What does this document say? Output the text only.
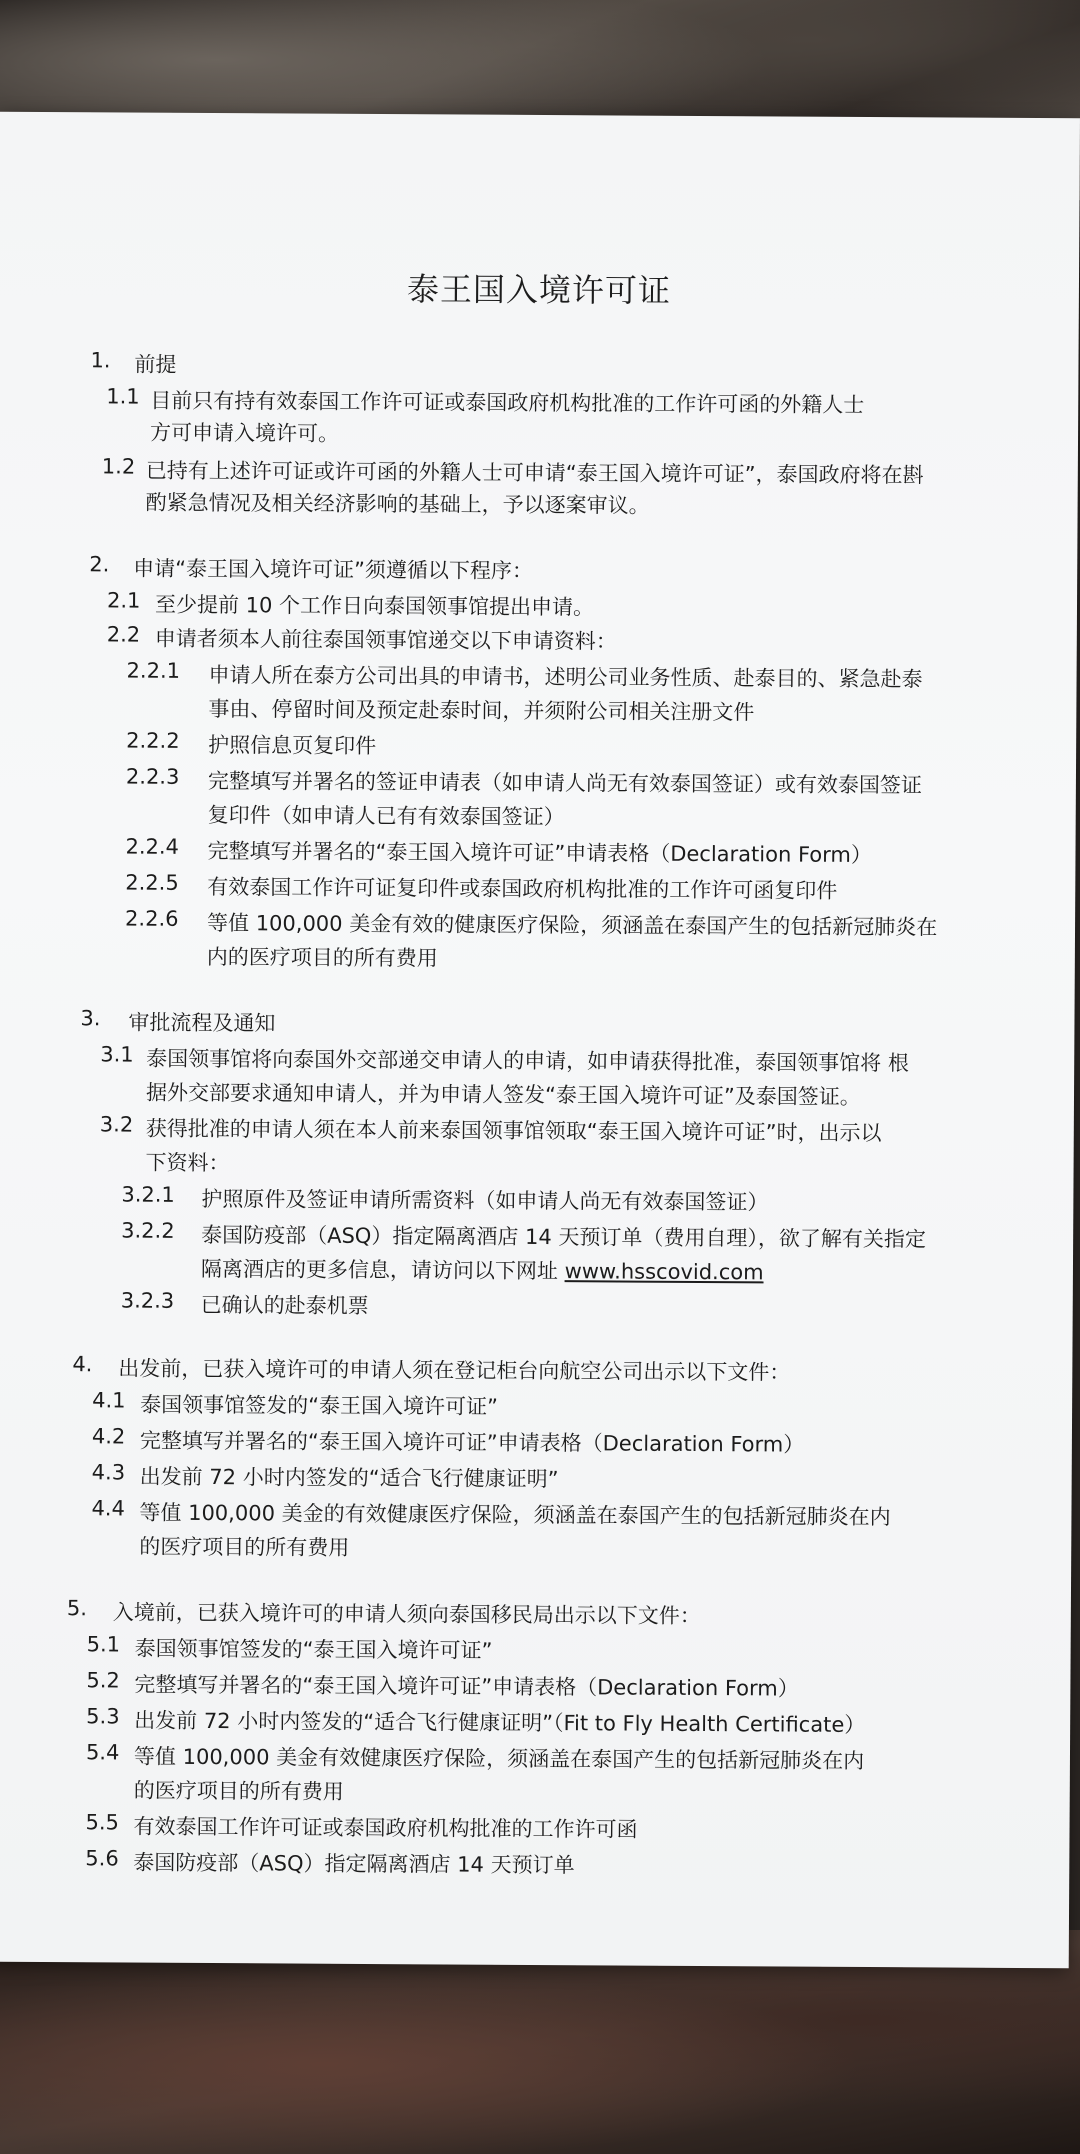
泰王国入境许可证
1. 前提
1.1 目前只有持有效泰国工作许可证或泰国政府机构批准的工作许可函的外籍人士
方可申请入境许可。
1.2 已持有上述许可证或许可函的外籍人士可申请“泰王国入境许可证”，泰国政府将在斟
酌紧急情况及相关经济影响的基础上，予以逐案审议。
2. 申请“泰王国入境许可证”须遵循以下程序：
2.1 至少提前 10 个工作日向泰国领事馆提出申请。
2.2 申请者须本人前往泰国领事馆递交以下申请资料：
2.2.1 申请人所在泰方公司出具的申请书，述明公司业务性质、赴泰目的、紧急赴泰
事由、停留时间及预定赴泰时间，并须附公司相关注册文件
2.2.2 护照信息页复印件
2.2.3 完整填写并署名的签证申请表（如申请人尚无有效泰国签证）或有效泰国签证
复印件（如申请人已有有效泰国签证）
2.2.4 完整填写并署名的“泰王国入境许可证”申请表格（Declaration Form）
2.2.5 有效泰国工作许可证复印件或泰国政府机构批准的工作许可函复印件
2.2.6 等值 100,000 美金有效的健康医疗保险，须涵盖在泰国产生的包括新冠肺炎在
内的医疗项目的所有费用
3. 审批流程及通知
3.1 泰国领事馆将向泰国外交部递交申请人的申请，如申请获得批准，泰国领事馆将 根
据外交部要求通知申请人，并为申请人签发“泰王国入境许可证”及泰国签证。
3.2 获得批准的申请人须在本人前来泰国领事馆领取“泰王国入境许可证”时，出示以
下资料：
3.2.1 护照原件及签证申请所需资料（如申请人尚无有效泰国签证）
3.2.2 泰国防疫部（ASQ）指定隔离酒店 14 天预订单（费用自理），欲了解有关指定
隔离酒店的更多信息，请访问以下网址 www.hsscovid.com
3.2.3 已确认的赴泰机票
4. 出发前，已获入境许可的申请人须在登记柜台向航空公司出示以下文件：
4.1 泰国领事馆签发的“泰王国入境许可证”
4.2 完整填写并署名的“泰王国入境许可证”申请表格（Declaration Form）
4.3 出发前 72 小时内签发的“适合飞行健康证明”
4.4 等值 100,000 美金的有效健康医疗保险，须涵盖在泰国产生的包括新冠肺炎在内
的医疗项目的所有费用
5. 入境前，已获入境许可的申请人须向泰国移民局出示以下文件：
5.1 泰国领事馆签发的“泰王国入境许可证”
5.2 完整填写并署名的“泰王国入境许可证”申请表格（Declaration Form）
5.3 出发前 72 小时内签发的“适合飞行健康证明”（Fit to Fly Health Certificate）
5.4 等值 100,000 美金有效健康医疗保险，须涵盖在泰国产生的包括新冠肺炎在内
的医疗项目的所有费用
5.5 有效泰国工作许可证或泰国政府机构批准的工作许可函
5.6 泰国防疫部（ASQ）指定隔离酒店 14 天预订单
